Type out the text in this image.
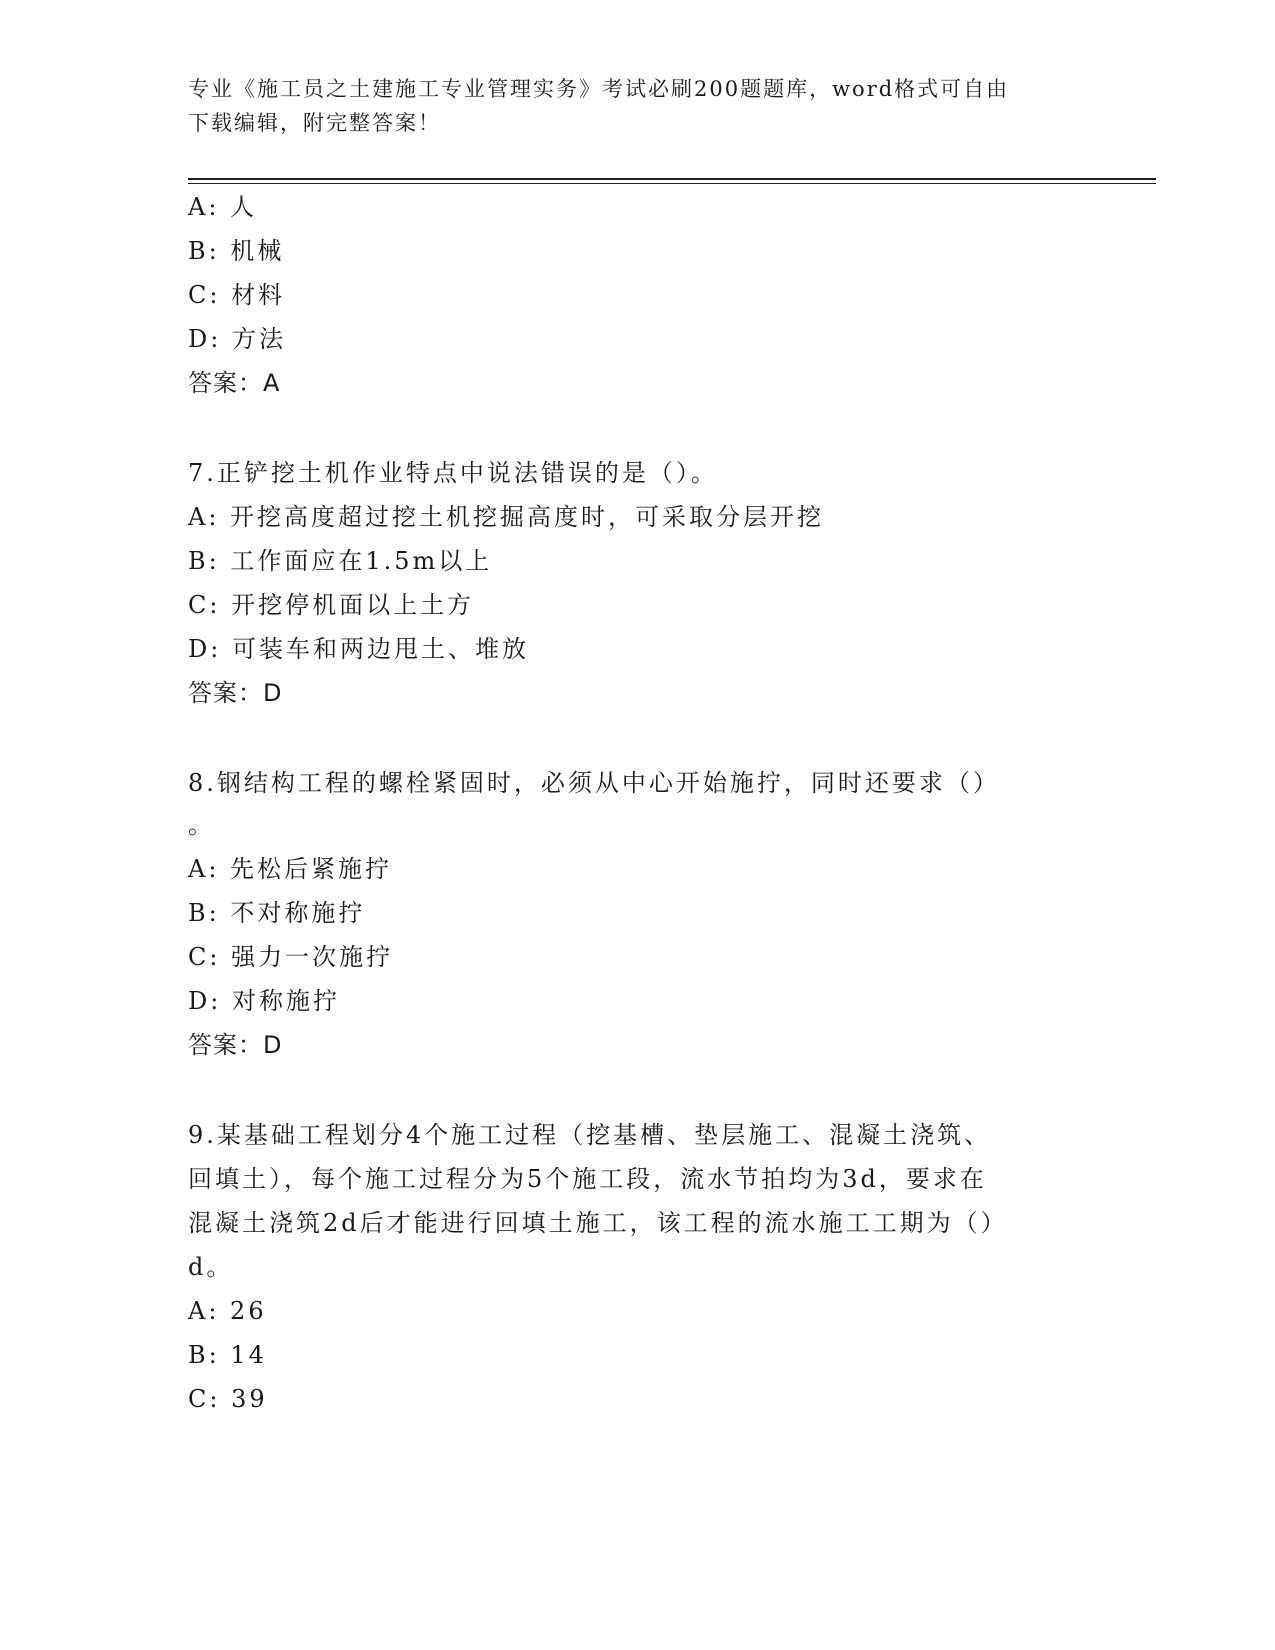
专业《施工员之土建施工专业管理实务》考试必刷200题题库，word格式可自由
下载编辑，附完整答案！
A: 人
B: 机械
C: 材料
D: 方法
答案：A
7.正铲挖土机作业特点中说法错误的是（）。
A: 开挖高度超过挖土机挖掘高度时，可采取分层开挖
B: 工作面应在1.5m以上
C: 开挖停机面以上土方
D: 可装车和两边甩土、堆放
答案：D
8.钢结构工程的螺栓紧固时，必须从中心开始施拧，同时还要求（）
。
A: 先松后紧施拧
B: 不对称施拧
C: 强力一次施拧
D: 对称施拧
答案：D
9.某基础工程划分4个施工过程（挖基槽、垫层施工、混凝土浇筑、
回填土），每个施工过程分为5个施工段，流水节拍均为3d，要求在
混凝土浇筑2d后才能进行回填土施工，该工程的流水施工工期为（）
d。
A: 26
B: 14
C: 39
